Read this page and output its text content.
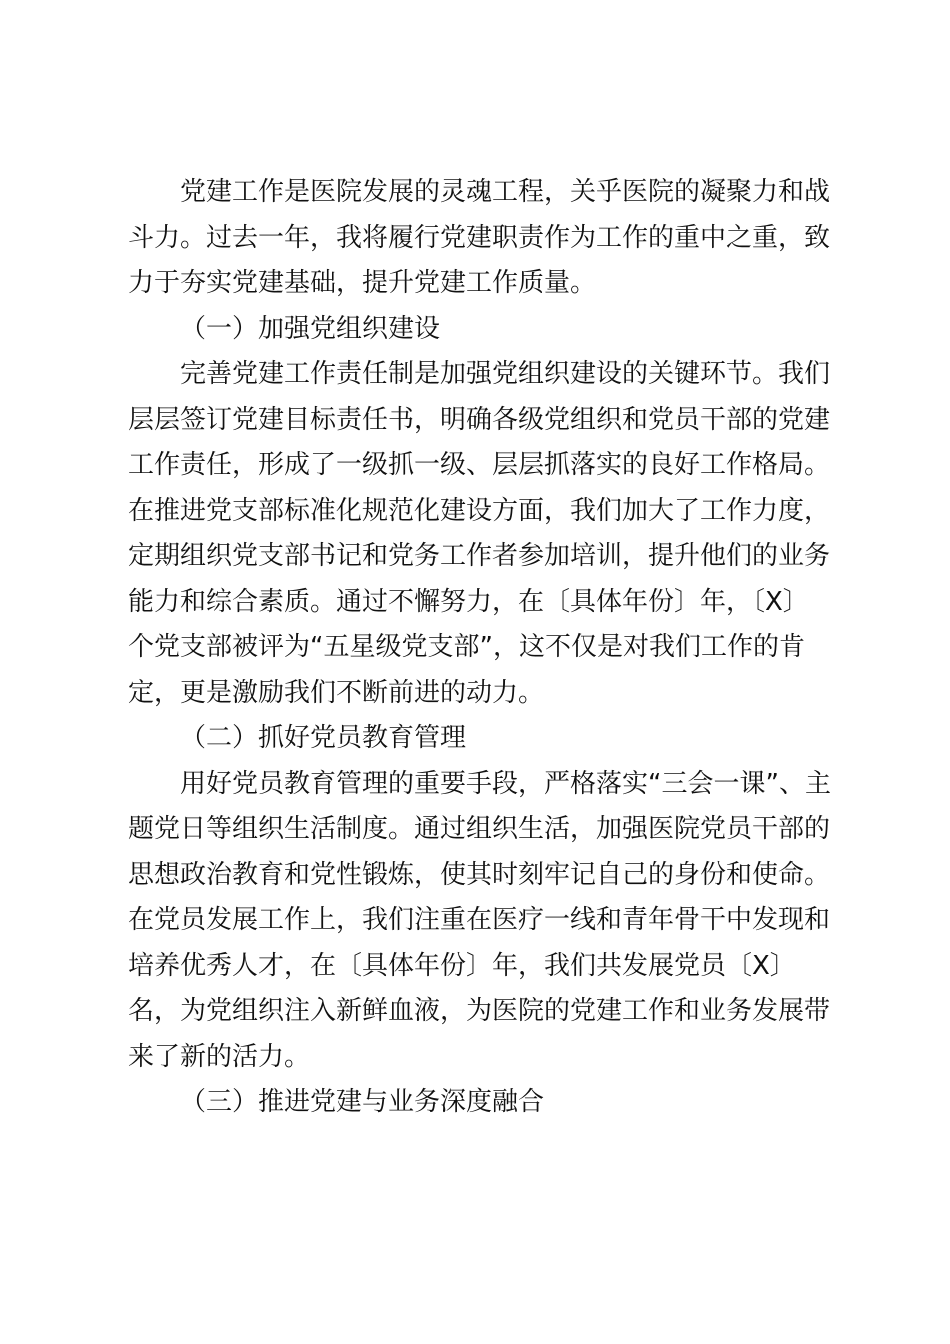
党建工作是医院发展的灵魂工程，关乎医院的凝聚力和战
斗力。过去一年，我将履行党建职责作为工作的重中之重，致
力于夯实党建基础，提升党建工作质量。
（一）加强党组织建设
完善党建工作责任制是加强党组织建设的关键环节。我们
层层签订党建目标责任书，明确各级党组织和党员干部的党建
工作责任，形成了一级抓一级、层层抓落实的良好工作格局。
在推进党支部标准化规范化建设方面，我们加大了工作力度，
定期组织党支部书记和党务工作者参加培训，提升他们的业务
能力和综合素质。通过不懈努力，在〔具体年份〕年，〔X〕
个党支部被评为“五星级党支部”，这不仅是对我们工作的肯
定，更是激励我们不断前进的动力。
（二）抓好党员教育管理
用好党员教育管理的重要手段，严格落实“三会一课”、主
题党日等组织生活制度。通过组织生活，加强医院党员干部的
思想政治教育和党性锻炼，使其时刻牢记自己的身份和使命。
在党员发展工作上，我们注重在医疗一线和青年骨干中发现和
培养优秀人才，在〔具体年份〕年，我们共发展党员〔X〕
名，为党组织注入新鲜血液，为医院的党建工作和业务发展带
来了新的活力。
（三）推进党建与业务深度融合
